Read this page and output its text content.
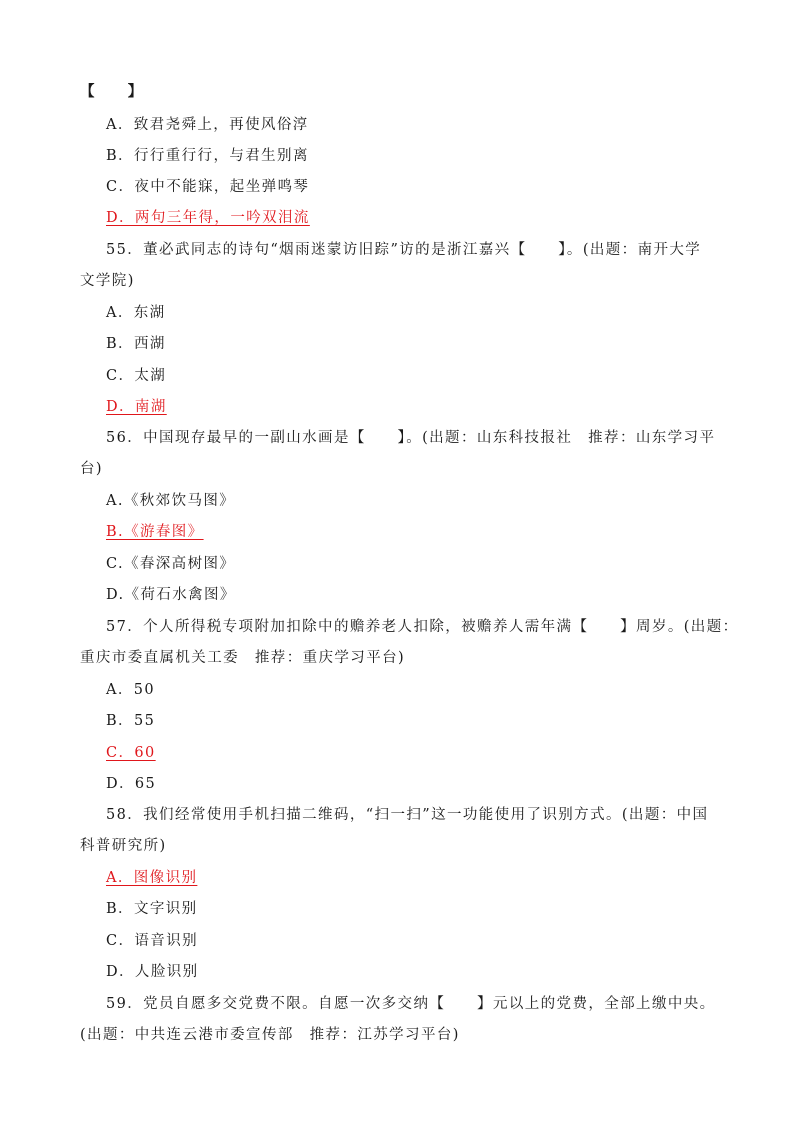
【　　】
A．致君尧舜上，再使风俗淳
B．行行重行行，与君生别离
C．夜中不能寐，起坐弹鸣琴
D．两句三年得，一吟双泪流
55．董必武同志的诗句“烟雨迷蒙访旧踪”访的是浙江嘉兴【　　】。(出题：南开大学
文学院)
A．东湖
B．西湖
C．太湖
D．南湖
56．中国现存最早的一副山水画是【　　】。(出题：山东科技报社　推荐：山东学习平
台)
A.《秋郊饮马图》
B.《游春图》
C.《春深高树图》
D.《荷石水禽图》
57．个人所得税专项附加扣除中的赡养老人扣除，被赡养人需年满【　　】周岁。(出题：
重庆市委直属机关工委　推荐：重庆学习平台)
A．50
B．55
C．60
D．65
58．我们经常使用手机扫描二维码，“扫一扫”这一功能使用了识别方式。(出题：中国
科普研究所)
A．图像识别
B．文字识别
C．语音识别
D．人脸识别
59．党员自愿多交党费不限。自愿一次多交纳【　　】元以上的党费，全部上缴中央。
(出题：中共连云港市委宣传部　推荐：江苏学习平台)
